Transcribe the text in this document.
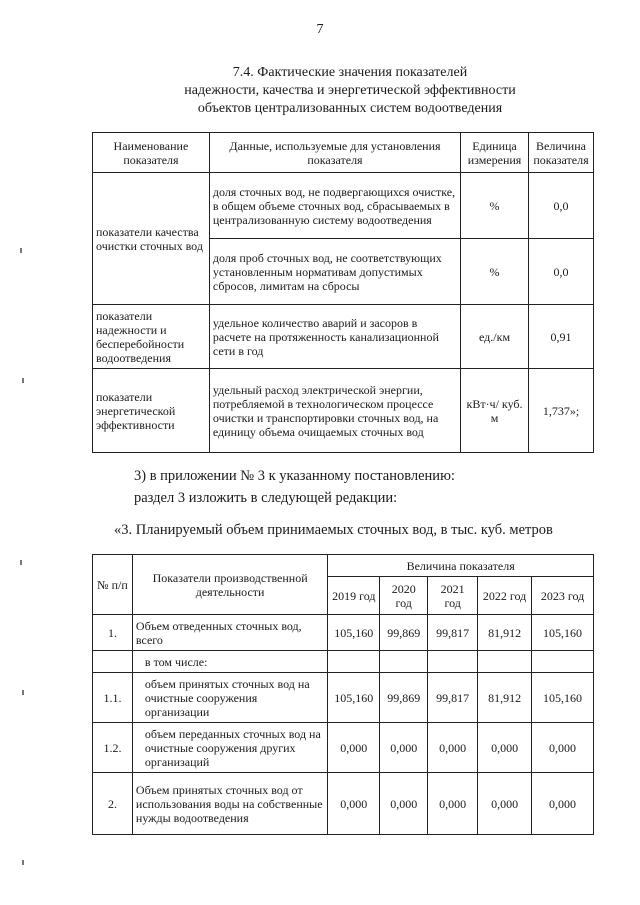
7
7.4. Фактические значения показателей
надежности, качества и энергетической эффективности
объектов централизованных систем водоотведения
Наименование показателя	Данные, используемые для установления показателя	Единица измерения	Величина показателя
показатели качества очистки сточных вод	доля сточных вод, не подвергающихся очистке, в общем объеме сточных вод, сбрасываемых в централизованную систему водоотведения	%	0,0
	доля проб сточных вод, не соответствующих установленным нормативам допустимых сбросов, лимитам на сбросы	%	0,0
показатели надежности и бесперебойности водоотведения	удельное количество аварий и засоров в расчете на протяженность канализационной сети в год	ед./км	0,91
показатели энергетической эффективности	удельный расход электрической энергии, потребляемой в технологическом процессе очистки и транспортировки сточных вод, на единицу объема очищаемых сточных вод	кВт·ч/ куб. м	1,737»;
3) в приложении № 3 к указанному постановлению:
раздел 3 изложить в следующей редакции:
«3. Планируемый объем принимаемых сточных вод, в тыс. куб. метров
№ п/п	Показатели производственной деятельности	Величина показателя				
		2019 год	2020 год	2021 год	2022 год	2023 год
1.	Объем отведенных сточных вод, всего	105,160	99,869	99,817	81,912	105,160
	в том числе:					
1.1.	объем принятых сточных вод на очистные сооружения организации	105,160	99,869	99,817	81,912	105,160
1.2.	объем переданных сточных вод на очистные сооружения других организаций	0,000	0,000	0,000	0,000	0,000
2.	Объем принятых сточных вод от использования воды на собственные нужды водоотведения	0,000	0,000	0,000	0,000	0,000
